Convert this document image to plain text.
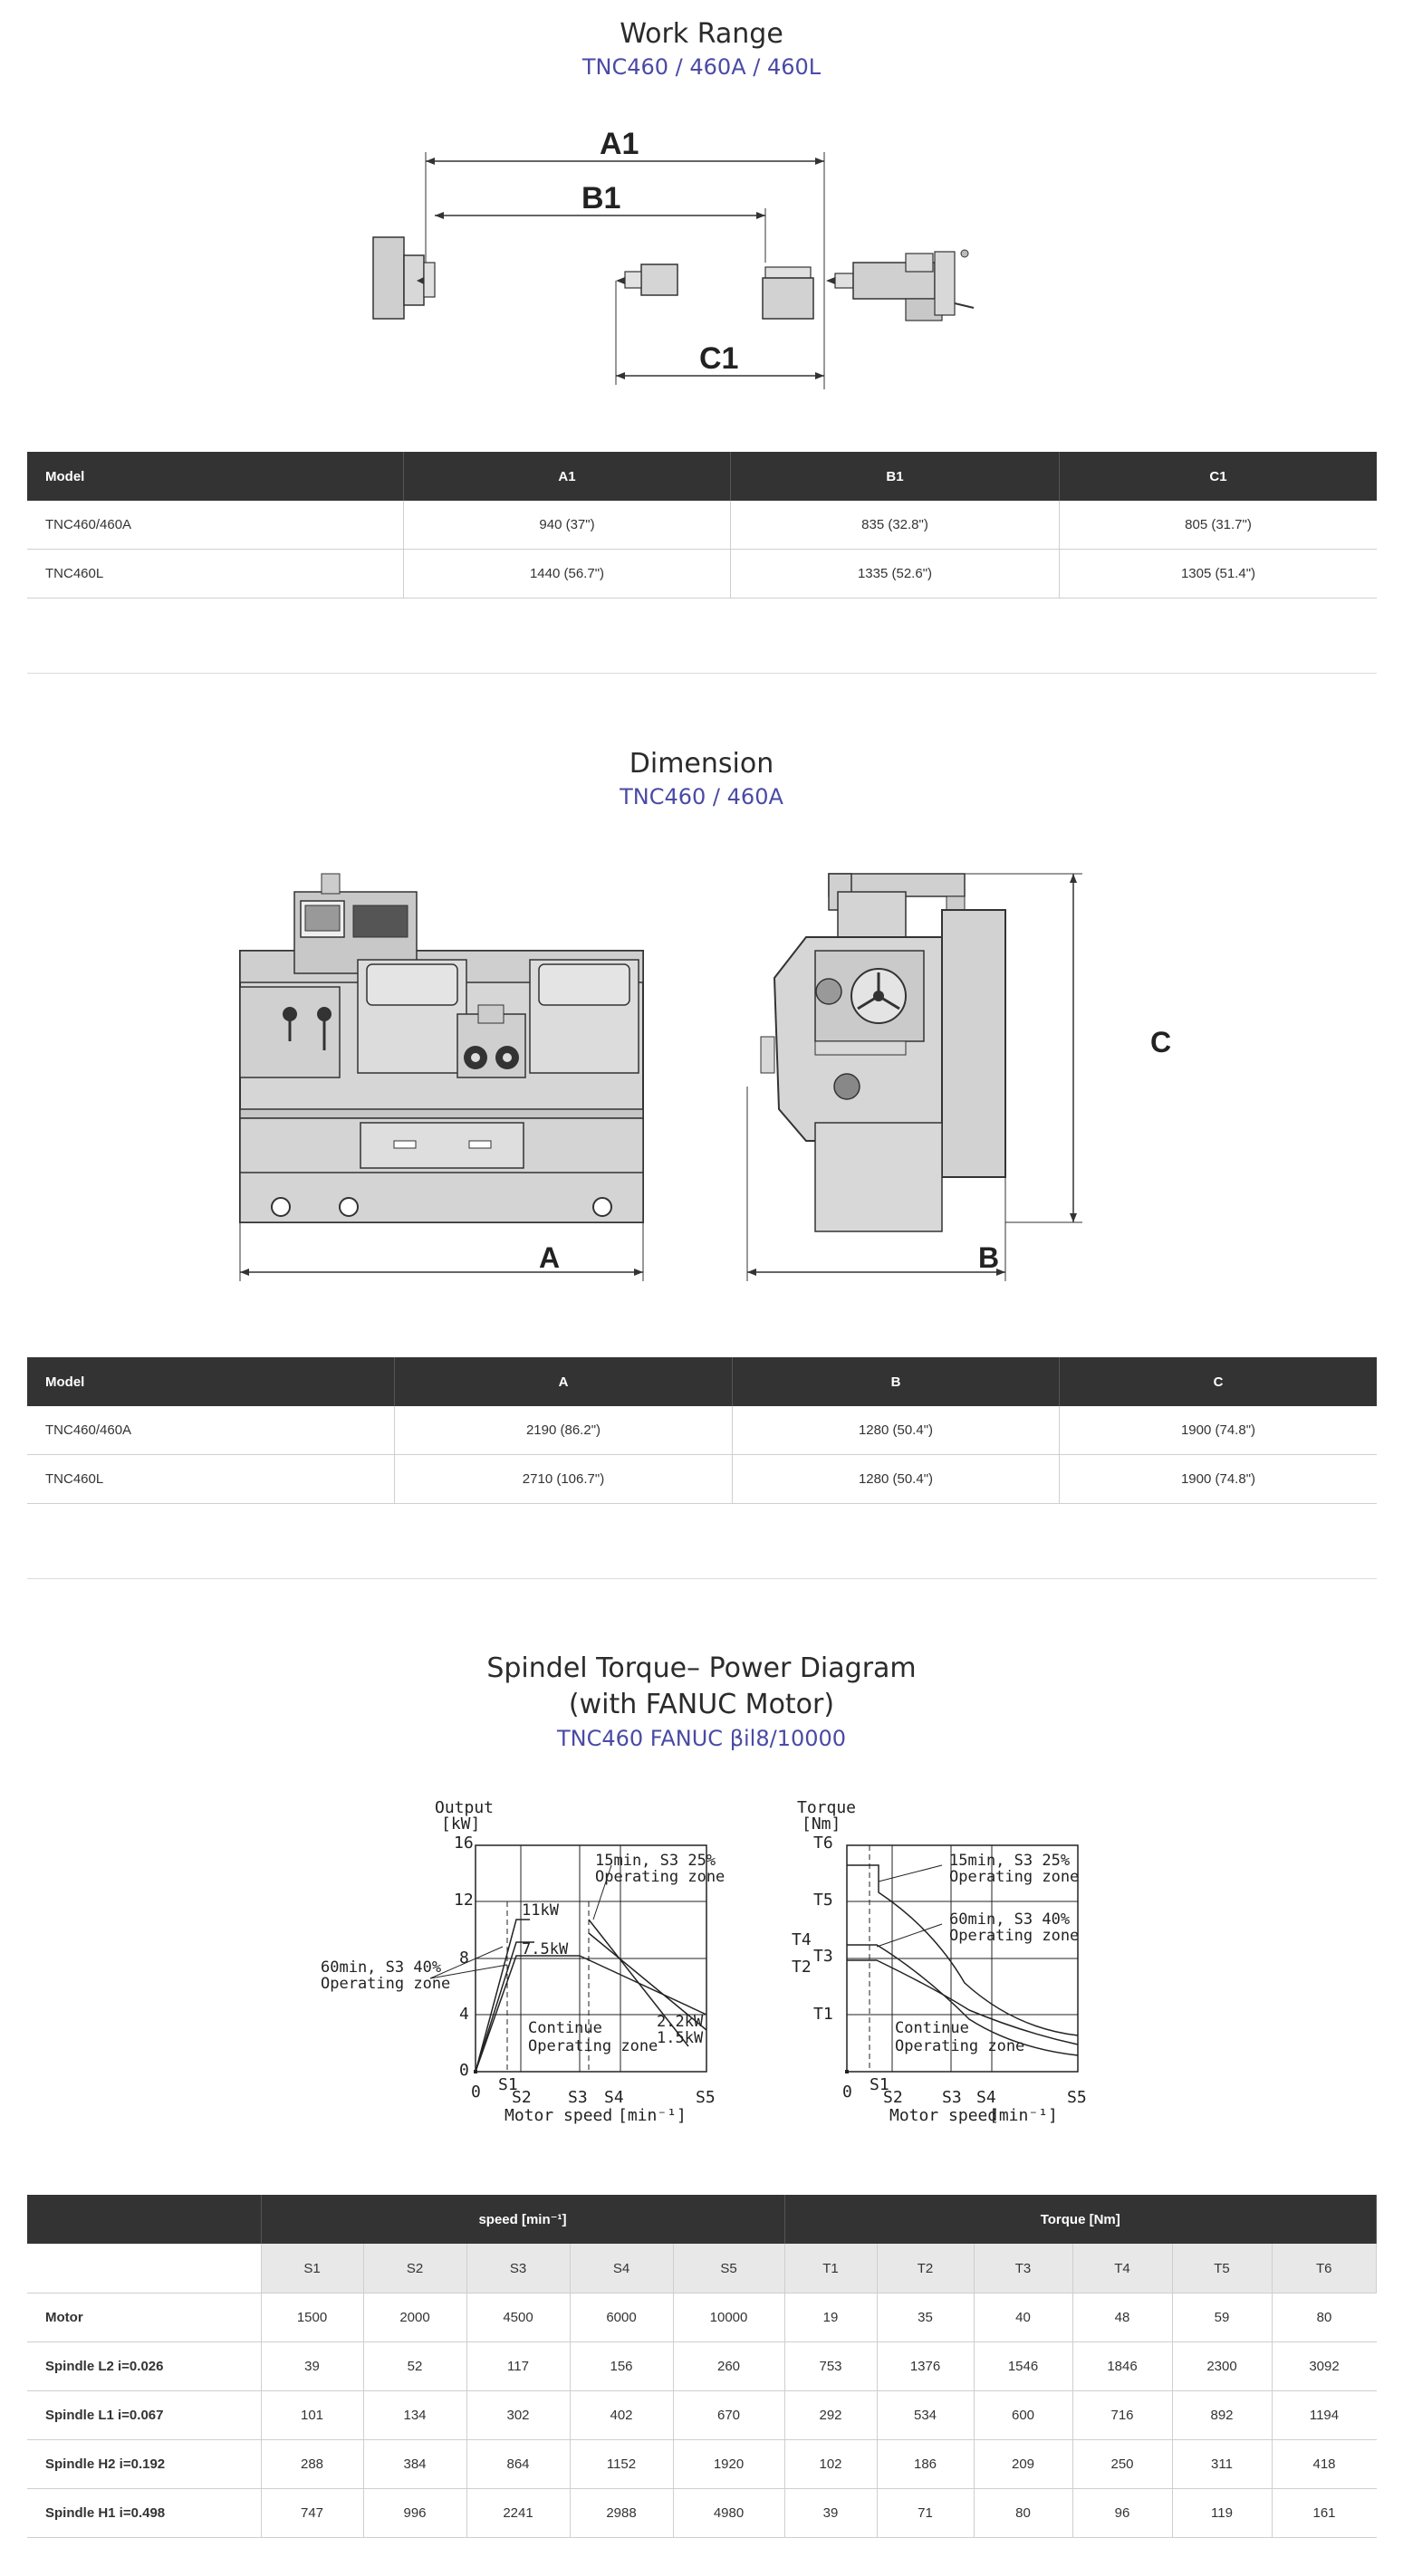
Work Range
TNC460 / 460A / 460L
A1
B1
C1
Model	A1	B1	C1
TNC460/460A	940 (37")	835 (32.8")	805 (31.7")
TNC460L	1440 (56.7")	1335 (52.6")	1305 (51.4")
Dimension
TNC460 / 460A
A	B
C
Model	A	B	C
TNC460/460A	2190 (86.2")	1280 (50.4")	1900 (74.8")
TNC460L	2710 (106.7")	1280 (50.4")	1900 (74.8")
Spindel Torque– Power Diagram
(with FANUC Motor)
TNC460 FANUC βil8/10000
Output
[kW]
16
12
8
4
0
0 S1
S2 S3 S4	S5
Motor speed [min⁻¹]
11kW
7.5kW
2.2kW
1.5kW
15min, S3 25%
Operating zone
60min, S3 40%
Operating zone
Continue
Operating zone
Torque
[Nm]
T6
T5
T4
T3
T2
T1
0 S1
S2 S3 S4	S5
Motor speed
[min⁻¹]
15min, S3 25%
Operating zone
60min, S3 40%
Operating zone
Continue
Operating zone
	speed [min⁻¹]					Torque [Nm]					
	S1	S2	S3	S4	S5	T1	T2	T3	T4	T5	T6
Motor	1500	2000	4500	6000	10000	19	35	40	48	59	80
Spindle L2 i=0.026	39	52	117	156	260	753	1376	1546	1846	2300	3092
Spindle L1 i=0.067	101	134	302	402	670	292	534	600	716	892	1194
Spindle H2 i=0.192	288	384	864	1152	1920	102	186	209	250	311	418
Spindle H1 i=0.498	747	996	2241	2988	4980	39	71	80	96	119	161
